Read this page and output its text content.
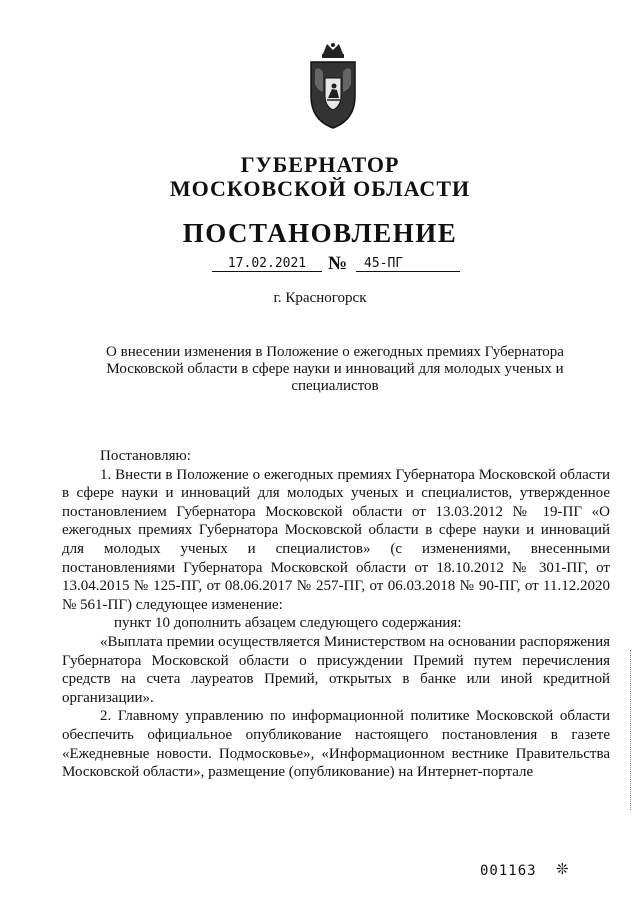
ГУБЕРНАТОР
МОСКОВСКОЙ ОБЛАСТИ
ПОСТАНОВЛЕНИЕ
17.02.2021	№	45-ПГ
г. Красногорск
О внесении изменения в Положение о ежегодных премиях Губернатора Московской области в сфере науки и инноваций для молодых ученых и специалистов

Постановляю:

1. Внести в Положение о ежегодных премиях Губернатора Московской области в сфере науки и инноваций для молодых ученых и специалистов, утвержденное постановлением Губернатора Московской области от 13.03.2012 № 19-ПГ «О ежегодных премиях Губернатора Московской области в сфере науки и инноваций для молодых ученых и специалистов» (с изменениями, внесенными постановлениями Губернатора Московской области от 18.10.2012 № 301-ПГ, от 13.04.2015 № 125-ПГ, от 08.06.2017 № 257-ПГ, от 06.03.2018 № 90-ПГ, от 11.12.2020 № 561-ПГ) следующее изменение:

пункт 10 дополнить абзацем следующего содержания:

«Выплата премии осуществляется Министерством на основании распоряжения Губернатора Московской области о присуждении Премий путем перечисления средств на счета лауреатов Премий, открытых в банке или иной кредитной организации».

2. Главному управлению по информационной политике Московской области обеспечить официальное опубликование настоящего постановления в газете «Ежедневные новости. Подмосковье», «Информационном вестнике Правительства Московской области», размещение (опубликование) на Интернет-портале

001163 ❊
